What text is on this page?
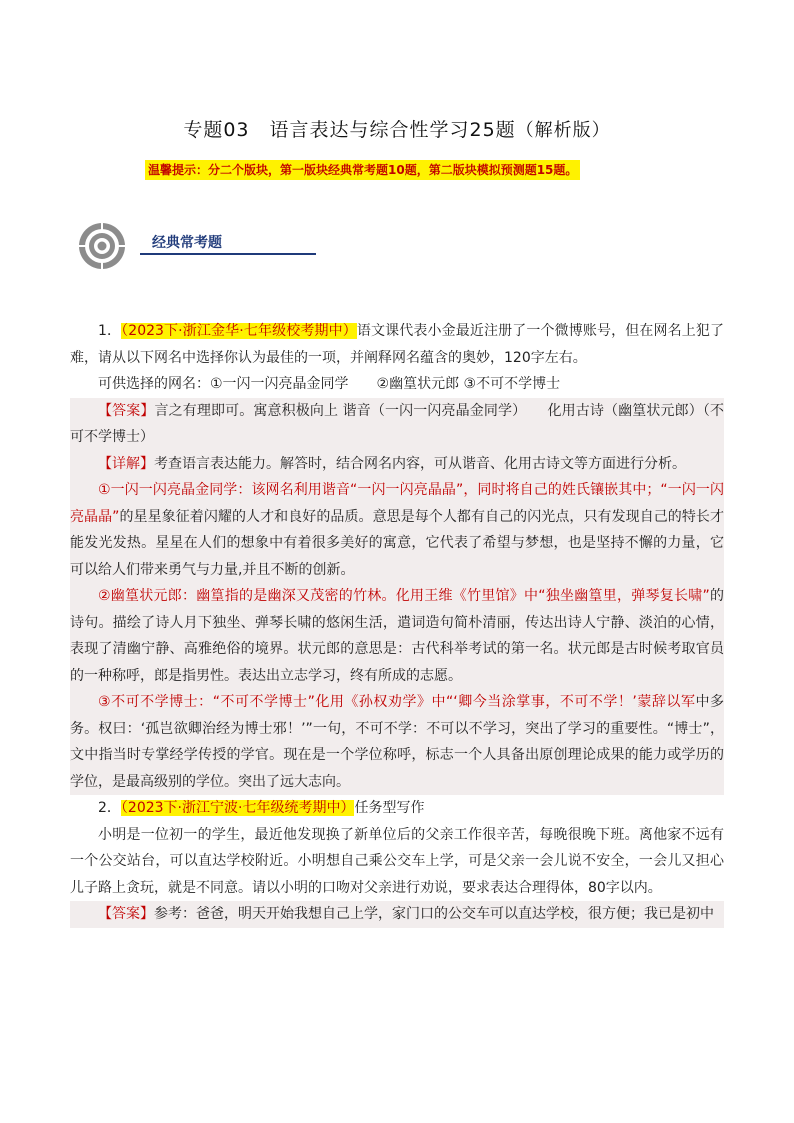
专题03　语言表达与综合性学习25题（解析版）
温馨提示：分二个版块，第一版块经典常考题10题，第二版块模拟预测题15题。
经典常考题

1．（2023下·浙江金华·七年级校考期中）语文课代表小金最近注册了一个微博账号，但在网名上犯了难，请从以下网名中选择你认为最佳的一项，并阐释网名蕴含的奥妙，120字左右。

可供选择的网名：①一闪一闪亮晶金同学　　②幽篁状元郎 ③不可不学博士

【答案】言之有理即可。寓意积极向上 谐音（一闪一闪亮晶金同学）　　化用古诗（幽篁状元郎）（不可不学博士）

【详解】考查语言表达能力。解答时，结合网名内容，可从谐音、化用古诗文等方面进行分析。

①一闪一闪亮晶金同学：该网名利用谐音“一闪一闪亮晶晶”，同时将自己的姓氏镶嵌其中；“一闪一闪亮晶晶”的星星象征着闪耀的人才和良好的品质。意思是每个人都有自己的闪光点，只有发现自己的特长才能发光发热。星星在人们的想象中有着很多美好的寓意，它代表了希望与梦想，也是坚持不懈的力量，它可以给人们带来勇气与力量,并且不断的创新。

②幽篁状元郎：幽篁指的是幽深又茂密的竹林。化用王维《竹里馆》中“独坐幽篁里，弹琴复长啸”的诗句。描绘了诗人月下独坐、弹琴长啸的悠闲生活，遣词造句简朴清丽，传达出诗人宁静、淡泊的心情，表现了清幽宁静、高雅绝俗的境界。状元郎的意思是：古代科举考试的第一名。状元郎是古时候考取官员的一种称呼，郎是指男性。表达出立志学习，终有所成的志愿。

③不可不学博士：“不可不学博士”化用《孙权劝学》中“‘卿今当涂掌事，不可不学！’蒙辞以军中多务。权曰：‘孤岂欲卿治经为博士邪！’”一句，不可不学：不可以不学习，突出了学习的重要性。“博士”，文中指当时专掌经学传授的学官。现在是一个学位称呼，标志一个人具备出原创理论成果的能力或学历的学位，是最高级别的学位。突出了远大志向。

2．（2023下·浙江宁波·七年级统考期中）任务型写作

小明是一位初一的学生，最近他发现换了新单位后的父亲工作很辛苦，每晚很晚下班。离他家不远有一个公交站台，可以直达学校附近。小明想自己乘公交车上学，可是父亲一会儿说不安全，一会儿又担心儿子路上贪玩，就是不同意。请以小明的口吻对父亲进行劝说，要求表达合理得体，80字以内。

【答案】参考：爸爸，明天开始我想自己上学，家门口的公交车可以直达学校，很方便；我已是初中
